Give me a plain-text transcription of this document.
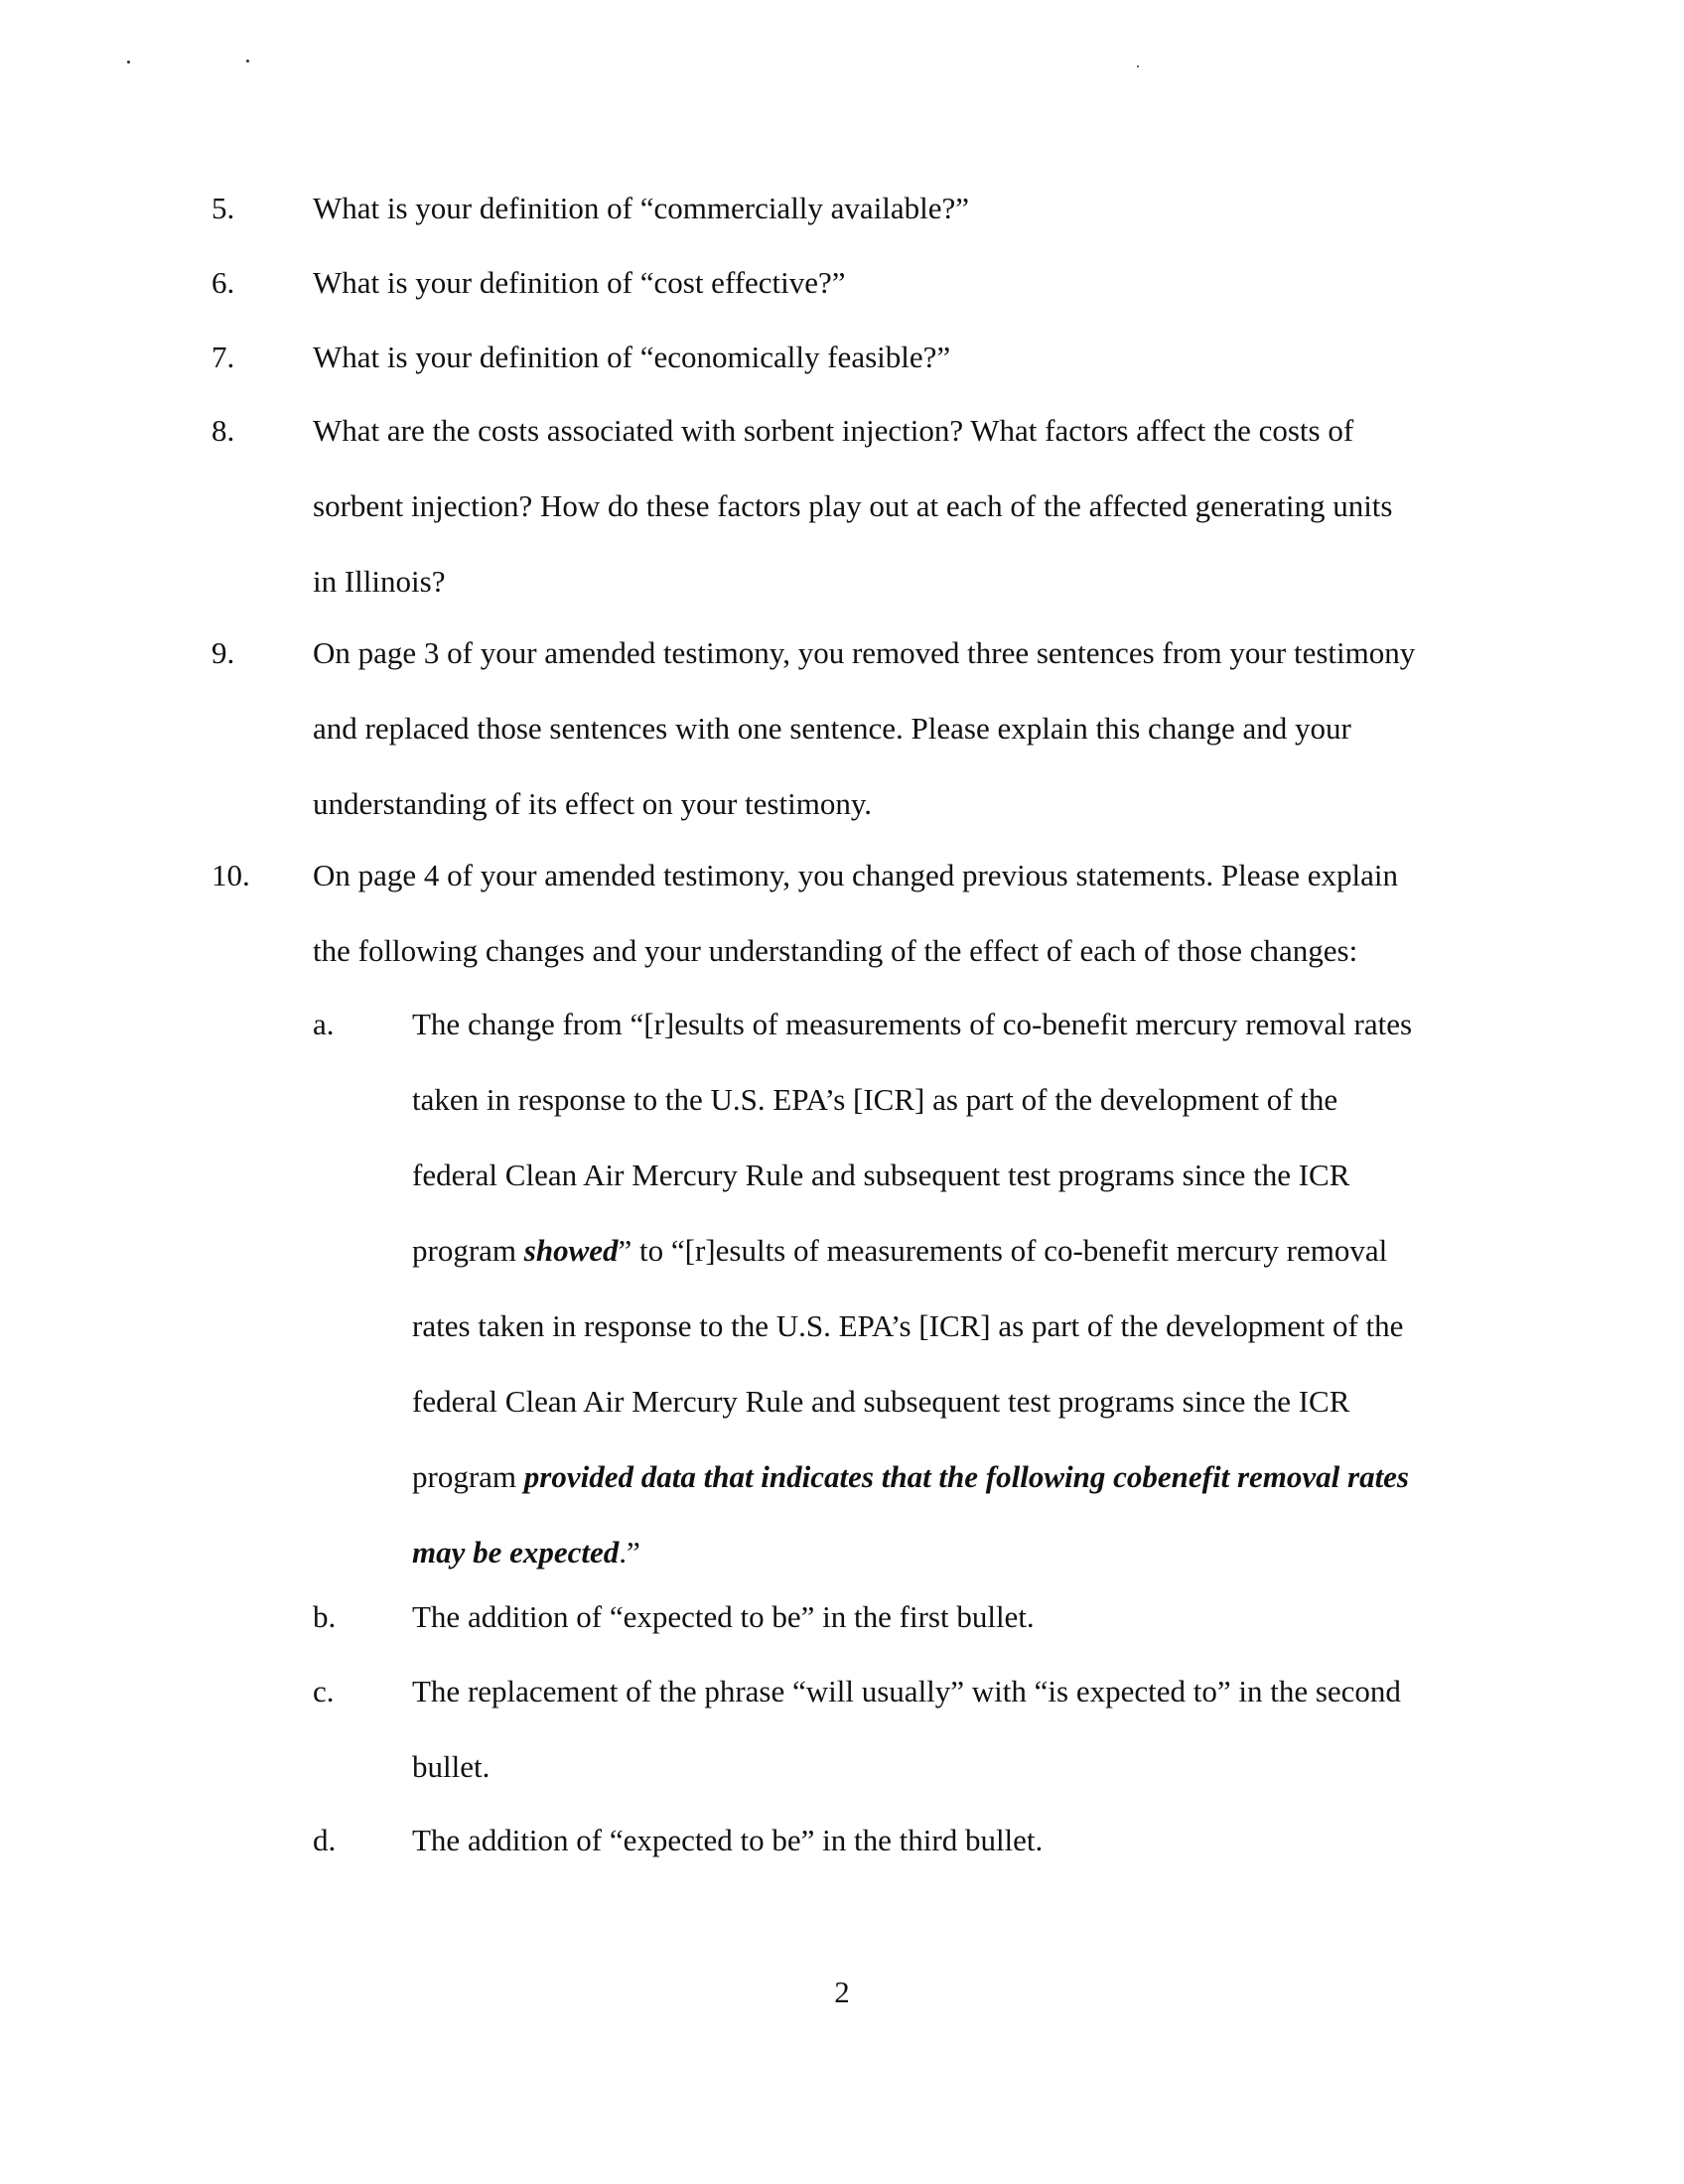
5.	What is your definition of “commercially available?”
6.	What is your definition of “cost effective?”
7.	What is your definition of “economically feasible?”
8.	What are the costs associated with sorbent injection? What factors affect the costs of
sorbent injection? How do these factors play out at each of the affected generating units
in Illinois?
9.	On page 3 of your amended testimony, you removed three sentences from your testimony
and replaced those sentences with one sentence. Please explain this change and your
understanding of its effect on your testimony.
10. On page 4 of your amended testimony, you changed previous statements. Please explain
the following changes and your understanding of the effect of each of those changes:
a.	The change from “[r]esults of measurements of co-benefit mercury removal rates
taken in response to the U.S. EPA’s [ICR] as part of the development of the
federal Clean Air Mercury Rule and subsequent test programs since the ICR
program showed” to “[r]esults of measurements of co-benefit mercury removal
rates taken in response to the U.S. EPA’s [ICR] as part of the development of the
federal Clean Air Mercury Rule and subsequent test programs since the ICR
program provided data that indicates that the following cobenefit removal rates
may be expected.”
b. The addition of “expected to be” in the first bullet.
c.	The replacement of the phrase “will usually” with “is expected to” in the second
bullet.
d. The addition of “expected to be” in the third bullet.
2
